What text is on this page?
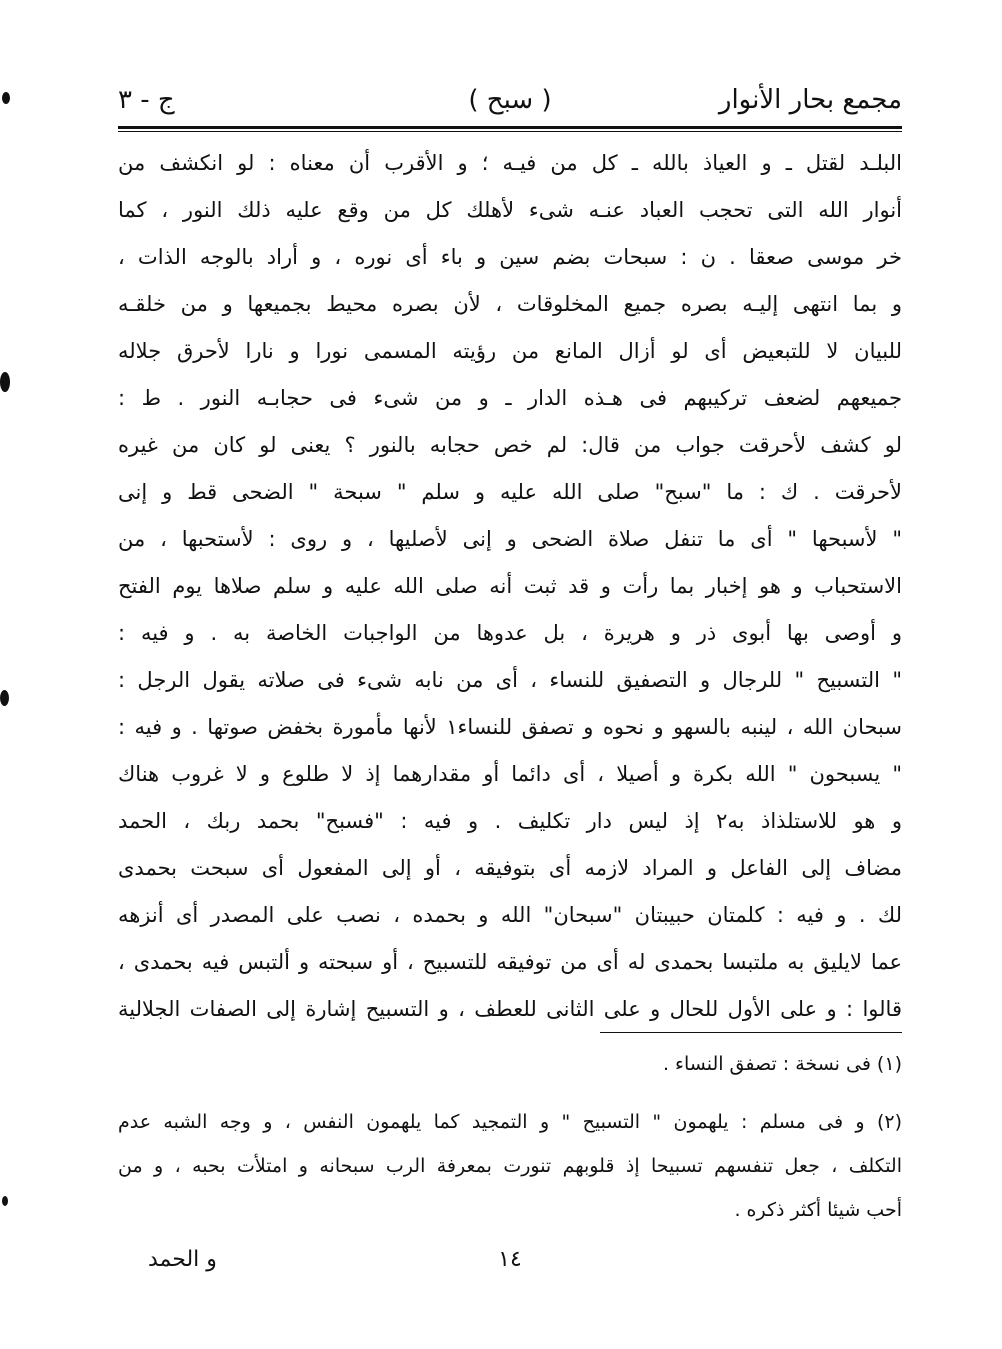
مجمع بحار الأنوار
( سبح )
ج - ٣
البلـد لقتل ـ و العياذ بالله ـ كل من فيـه ؛ و الأقرب أن معناه : لو انكشف من
أنوار الله التى تحجب العباد عنـه شىء لأهلك كل من وقع عليه ذلك النور ، كما
خر موسى صعقا . ن : سبحات بضم سين و باء أى نوره ، و أراد بالوجه الذات ،
و بما انتهى إليـه بصره جميع المخلوقات ، لأن بصره محيط بجميعها و من خلقـه
للبيان لا للتبعيض أى لو أزال المانع من رؤيته المسمى نورا و نارا لأحرق جلاله
جميعهم لضعف تركيبهم فى هـذه الدار ـ و من شىء فى حجابـه النور . ط :
لو كشف لأحرقت جواب من قال: لم خص حجابه بالنور ؟ يعنى لو كان من غيره
لأحرقت . ك : ما "سبح" صلى الله عليه و سلم " سبحة " الضحى قط و إنى
" لأسبحها " أى ما تنفل صلاة الضحى و إنى لأصليها ، و روى : لأستحبها ، من
الاستحباب و هو إخبار بما رأت و قد ثبت أنه صلى الله عليه و سلم صلاها يوم الفتح
و أوصى بها أبوى ذر و هريرة ، بل عدوها من الواجبات الخاصة به . و فيه :
" التسبيح " للرجال و التصفيق للنساء ، أى من نابه شىء فى صلاته يقول الرجل :
سبحان الله ، لينبه بالسهو و نحوه و تصفق للنساء١ لأنها مأمورة بخفض صوتها . و فيه :
" يسبحون " الله بكرة و أصيلا ، أى دائما أو مقدارهما إذ لا طلوع و لا غروب هناك
و هو للاستلذاذ به٢ إذ ليس دار تكليف . و فيه : "فسبح" بحمد ربك ، الحمد
مضاف إلى الفاعل و المراد لازمه أى بتوفيقه ، أو إلى المفعول أى سبحت بحمدى
لك . و فيه : كلمتان حبيبتان "سبحان" الله و بحمده ، نصب على المصدر أى أنزهه
عما لايليق به ملتبسا بحمدى له أى من توفيقه للتسبيح ، أو سبحته و ألتبس فيه بحمدى ،
قالوا : و على الأول للحال و على الثانى للعطف ، و التسبيح إشارة إلى الصفات الجلالية
(١) فى نسخة : تصفق النساء .
(٢) و فى مسلم : يلهمون " التسبيح " و التمجيد كما يلهمون النفس ، و وجه الشبه عدم
التكلف ، جعل تنفسهم تسبيحا إذ قلوبهم تنورت بمعرفة الرب سبحانه و امتلأت بحبه ، و من
أحب شيئا أكثر ذكره .
١٤
و الحمد
